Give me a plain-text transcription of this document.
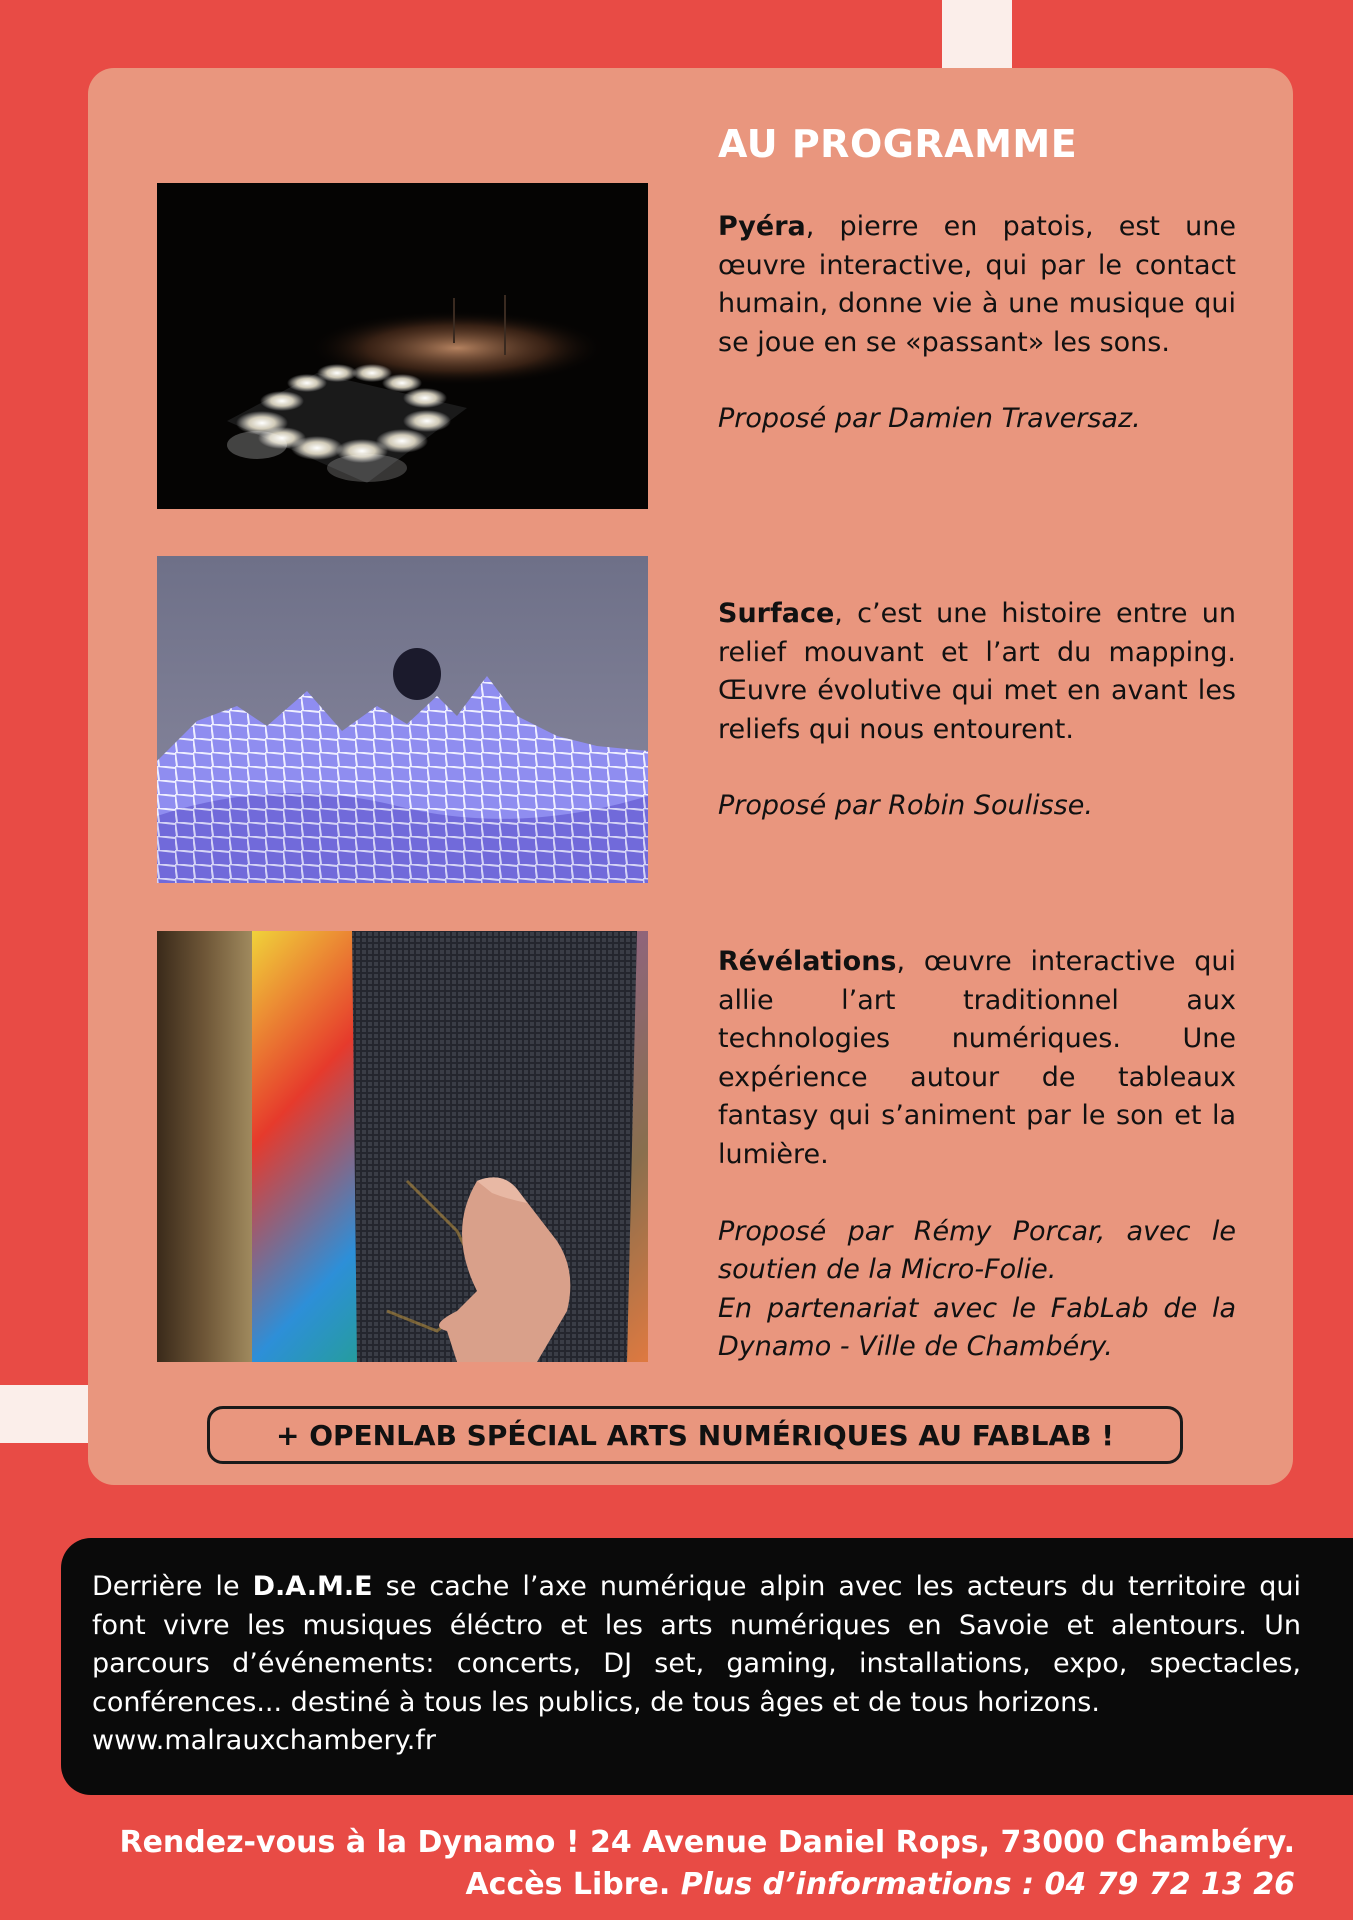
AU PROGRAMME

Pyéra, pierre en patois, est une œuvre interactive, qui par le contact humain, donne vie à une musique qui se joue en se «passant» les sons.

Proposé par Damien Traversaz.

Surface, c’est une histoire entre un relief mouvant et l’art du mapping. Œuvre évolutive qui met en avant les reliefs qui nous entourent.

Proposé par Robin Soulisse.

Révélations, œuvre interactive qui allie l’art traditionnel aux technologies numériques. Une expérience autour de tableaux fantasy qui s’animent par le son et la lumière.

Proposé par Rémy Porcar, avec le soutien de la Micro-Folie.
En partenariat avec le FabLab de la Dynamo - Ville de Chambéry.

+ OPENLAB SPÉCIAL ARTS NUMÉRIQUES AU FABLAB !

Derrière le D.A.M.E se cache l’axe numérique alpin avec les acteurs du territoire qui font vivre les musiques éléctro et les arts numériques en Savoie et alentours. Un parcours d’événements: concerts, DJ set, gaming, installations, expo, spectacles, conférences... destiné à tous les publics, de tous âges et de tous horizons.

www.malrauxchambery.fr

Rendez-vous à la Dynamo ! 24 Avenue Daniel Rops, 73000 Chambéry.
Accès Libre. Plus d’informations : 04 79 72 13 26
